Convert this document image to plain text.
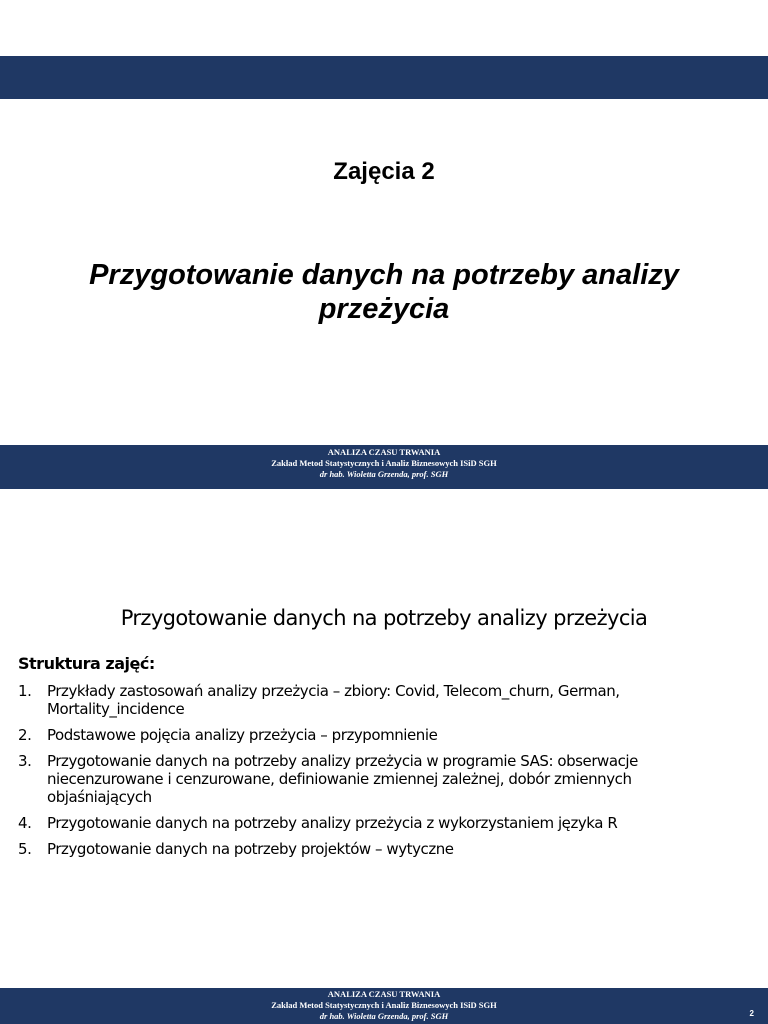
Zajęcia 2
Przygotowanie danych na potrzeby analizy przeżycia
ANALIZA CZASU TRWANIA
Zakład Metod Statystycznych i Analiz Biznesowych ISiD SGH
dr hab. Wioletta Grzenda, prof. SGH
Przygotowanie danych na potrzeby analizy przeżycia
Struktura zajęć:
1. Przykłady zastosowań analizy przeżycia – zbiory: Covid, Telecom_churn, German, Mortality_incidence
2. Podstawowe pojęcia analizy przeżycia – przypomnienie
3. Przygotowanie danych na potrzeby analizy przeżycia w programie SAS: obserwacje niecenzurowane i cenzurowane, definiowanie zmiennej zależnej, dobór zmiennych objaśniających
4. Przygotowanie danych na potrzeby analizy przeżycia z wykorzystaniem języka R
5. Przygotowanie danych na potrzeby projektów – wytyczne
ANALIZA CZASU TRWANIA
Zakład Metod Statystycznych i Analiz Biznesowych ISiD SGH
dr hab. Wioletta Grzenda, prof. SGH	2
